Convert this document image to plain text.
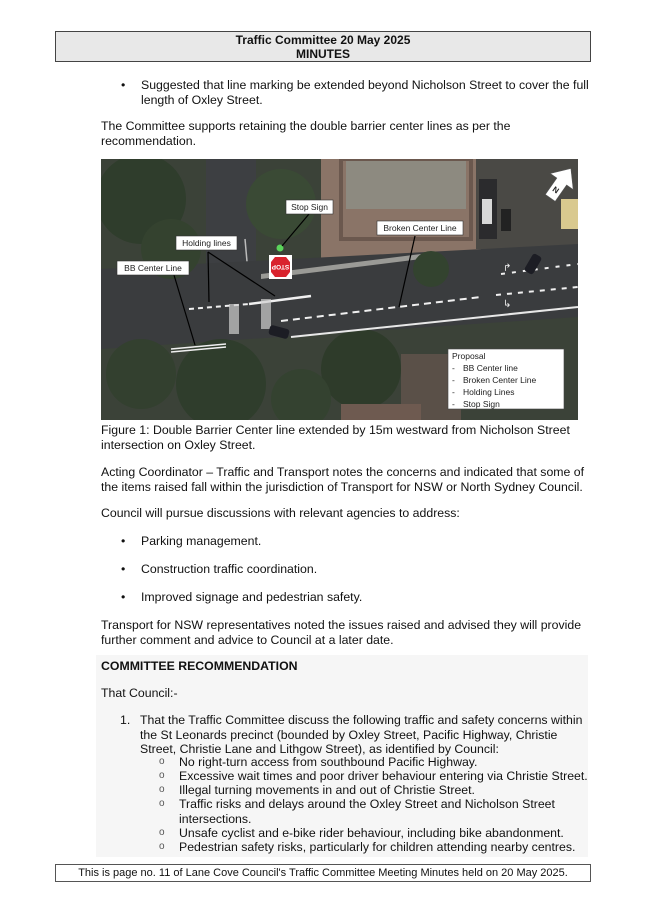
Traffic Committee 20 May 2025
MINUTES
• Suggested that line marking be extended beyond Nicholson Street to cover the full length of Oxley Street.
The Committee supports retaining the double barrier center lines as per the recommendation.
↱
↳
STOP
Stop Sign
Holding lines
BB Center Line
Broken Center Line
N
Proposal
- BB Center line
- Broken Center Line
- Holding Lines
- Stop Sign
Figure 1: Double Barrier Center line extended by 15m westward from Nicholson Street intersection on Oxley Street.
Acting Coordinator – Traffic and Transport notes the concerns and indicated that some of the items raised fall within the jurisdiction of Transport for NSW or North Sydney Council.
Council will pursue discussions with relevant agencies to address:
• Parking management.
• Construction traffic coordination.
• Improved signage and pedestrian safety.
Transport for NSW representatives noted the issues raised and advised they will provide further comment and advice to Council at a later date.
COMMITTEE RECOMMENDATION
That Council:-
1. That the Traffic Committee discuss the following traffic and safety concerns within the St Leonards precinct (bounded by Oxley Street, Pacific Highway, Christie Street, Christie Lane and Lithgow Street), as identified by Council:
o No right-turn access from southbound Pacific Highway.
o Excessive wait times and poor driver behaviour entering via Christie Street.
o Illegal turning movements in and out of Christie Street.
o Traffic risks and delays around the Oxley Street and Nicholson Street intersections.
o Unsafe cyclist and e-bike rider behaviour, including bike abandonment.
o Pedestrian safety risks, particularly for children attending nearby centres.
This is page no. 11 of Lane Cove Council's Traffic Committee Meeting Minutes held on 20 May 2025.
